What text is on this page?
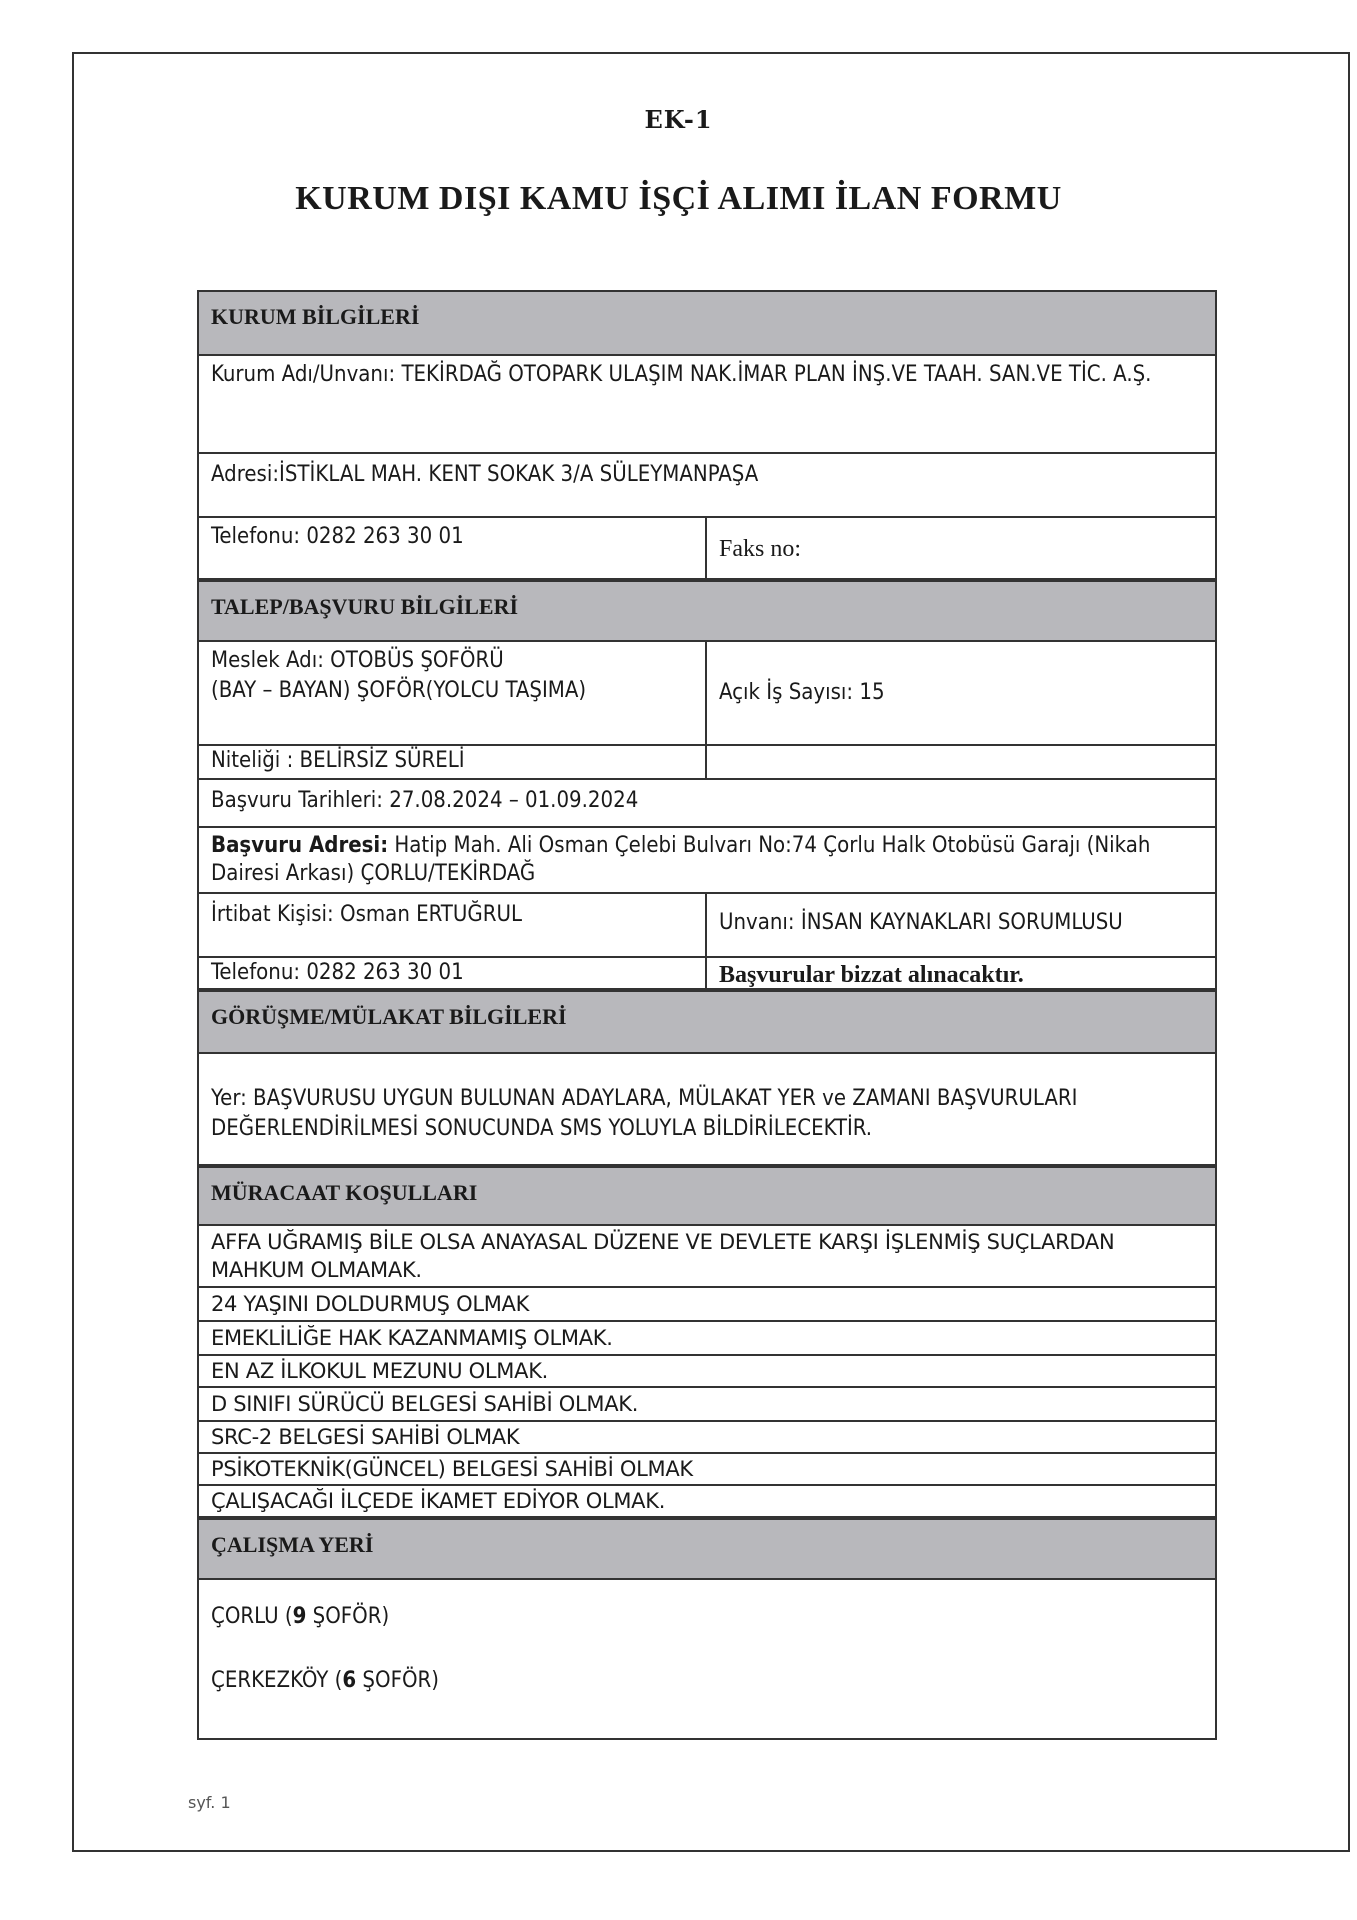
EK-1
KURUM DIŞI KAMU İŞÇİ ALIMI İLAN FORMU
KURUM BİLGİLERİ
Kurum Adı/Unvanı: TEKİRDAĞ OTOPARK ULAŞIM NAK.İMAR PLAN İNŞ.VE TAAH. SAN.VE TİC. A.Ş.
Adresi:İSTİKLAL MAH. KENT SOKAK 3/A SÜLEYMANPAŞA
Telefonu: 0282 263 30 01	Faks no:
TALEP/BAŞVURU BİLGİLERİ
Meslek Adı: OTOBÜS ŞOFÖRÜ
(BAY – BAYAN) ŞOFÖR(YOLCU TAŞIMA)	Açık İş Sayısı: 15
Niteliği : BELİRSİZ SÜRELİ
Başvuru Tarihleri: 27.08.2024 – 01.09.2024
Başvuru Adresi: Hatip Mah. Ali Osman Çelebi Bulvarı No:74 Çorlu Halk Otobüsü Garajı (Nikah Dairesi Arkası) ÇORLU/TEKİRDAĞ
İrtibat Kişisi: Osman ERTUĞRUL	Unvanı: İNSAN KAYNAKLARI SORUMLUSU
Telefonu: 0282 263 30 01	Başvurular bizzat alınacaktır.
GÖRÜŞME/MÜLAKAT BİLGİLERİ
Yer: BAŞVURUSU UYGUN BULUNAN ADAYLARA, MÜLAKAT YER ve ZAMANI BAŞVURULARI DEĞERLENDİRİLMESİ SONUCUNDA SMS YOLUYLA BİLDİRİLECEKTİR.
MÜRACAAT KOŞULLARI
AFFA UĞRAMIŞ BİLE OLSA ANAYASAL DÜZENE VE DEVLETE KARŞI İŞLENMİŞ SUÇLARDAN MAHKUM OLMAMAK.
24 YAŞINI DOLDURMUŞ OLMAK
EMEKLİLİĞE HAK KAZANMAMIŞ OLMAK.
EN AZ İLKOKUL MEZUNU OLMAK.
D SINIFI SÜRÜCÜ BELGESİ SAHİBİ OLMAK.
SRC-2 BELGESİ SAHİBİ OLMAK
PSİKOTEKNİK(GÜNCEL) BELGESİ SAHİBİ OLMAK
ÇALIŞACAĞI İLÇEDE İKAMET EDİYOR OLMAK.
ÇALIŞMA YERİ
ÇORLU (9 ŞOFÖR)
ÇERKEZKÖY (6 ŞOFÖR)
syf. 1
